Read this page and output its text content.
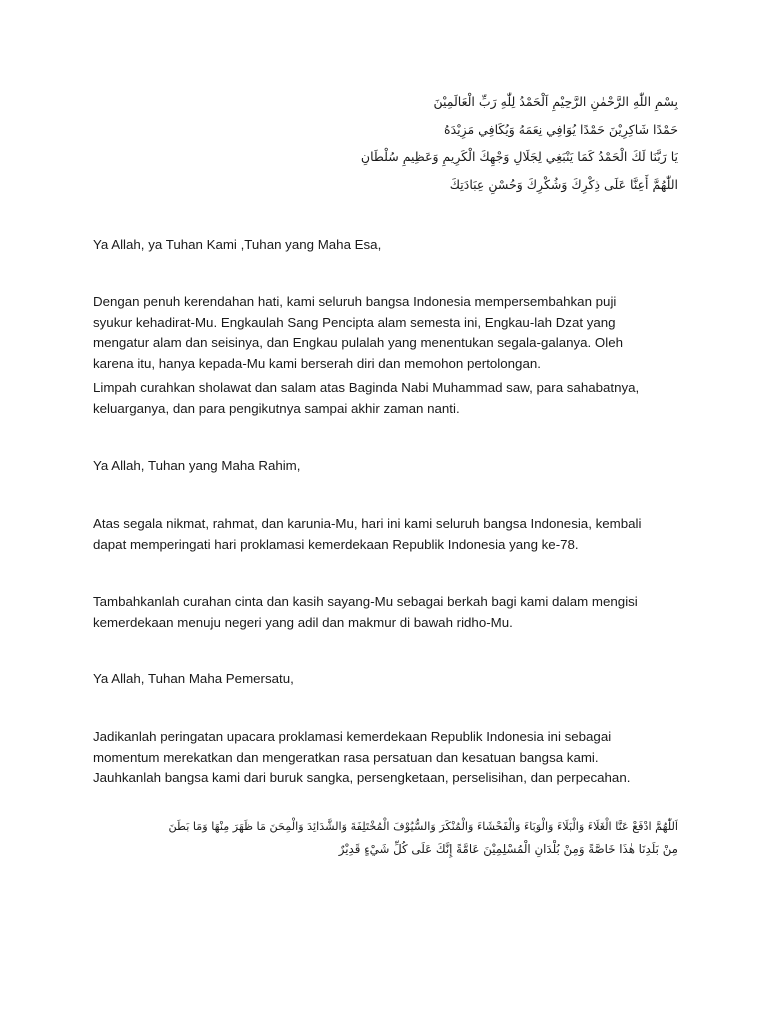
بِسْمِ اللّٰهِ الرَّحْمٰنِ الرَّحِيْمِ اَلْحَمْدُ لِلّٰهِ رَبِّ الْعَالَمِيْنَ
حَمْدًا شَاكِرِيْنَ حَمْدًا يُوَافِي نِعَمَهُ وَيُكَافِي مَزِيْدَهُ
يَا رَبَّنَا لَكَ الْحَمْدُ كَمَا يَنْبَغِي لِجَلَالِ وَجْهِكَ الْكَرِيمِ وَعَظِيمِ سُلْطَانِ
اللّٰهُمَّ أَعِنَّا عَلَى ذِكْرِكَ وَشُكْرِكَ وَحُسْنِ عِبَادَتِكَ

Ya Allah, ya Tuhan Kami ,Tuhan yang Maha Esa,

Dengan penuh kerendahan hati, kami seluruh bangsa Indonesia mempersembahkan puji
syukur kehadirat-Mu. Engkaulah Sang Pencipta alam semesta ini, Engkau-lah Dzat yang
mengatur alam dan seisinya, dan Engkau pulalah yang menentukan segala-galanya. Oleh
karena itu, hanya kepada-Mu kami berserah diri dan memohon pertolongan.

Limpah curahkan sholawat dan salam atas Baginda Nabi Muhammad saw, para sahabatnya,
keluarganya, dan para pengikutnya sampai akhir zaman nanti.

Ya Allah, Tuhan yang Maha Rahim,

Atas segala nikmat, rahmat, dan karunia-Mu, hari ini kami seluruh bangsa Indonesia, kembali
dapat memperingati hari proklamasi kemerdekaan Republik Indonesia yang ke-78.

Tambahkanlah curahan cinta dan kasih sayang-Mu sebagai berkah bagi kami dalam mengisi
kemerdekaan menuju negeri yang adil dan makmur di bawah ridho-Mu.

Ya Allah, Tuhan Maha Pemersatu,

Jadikanlah peringatan upacara proklamasi kemerdekaan Republik Indonesia ini sebagai
momentum merekatkan dan mengeratkan rasa persatuan dan kesatuan bangsa kami.
Jauhkanlah bangsa kami dari buruk sangka, persengketaan, perselisihan, dan perpecahan.

اَللّٰهُمَّ ادْفَعْ عَنَّا الْغَلَاءَ وَالْبَلَاءَ وَالْوَبَاءَ وَالْفَحْشَاءَ وَالْمُنْكَرَ وَالسُّيُوْفَ الْمُخْتَلِفَةَ وَالشَّدَائِدَ وَالْمِحَنَ مَا ظَهَرَ مِنْهَا وَمَا بَطَنَ
مِنْ بَلَدِنَا هٰذَا خَاصَّةً وَمِنْ بُلْدَانِ الْمُسْلِمِيْنَ عَامَّةً إِنَّكَ عَلَى كُلِّ شَيْءٍ قَدِيْرٌ
